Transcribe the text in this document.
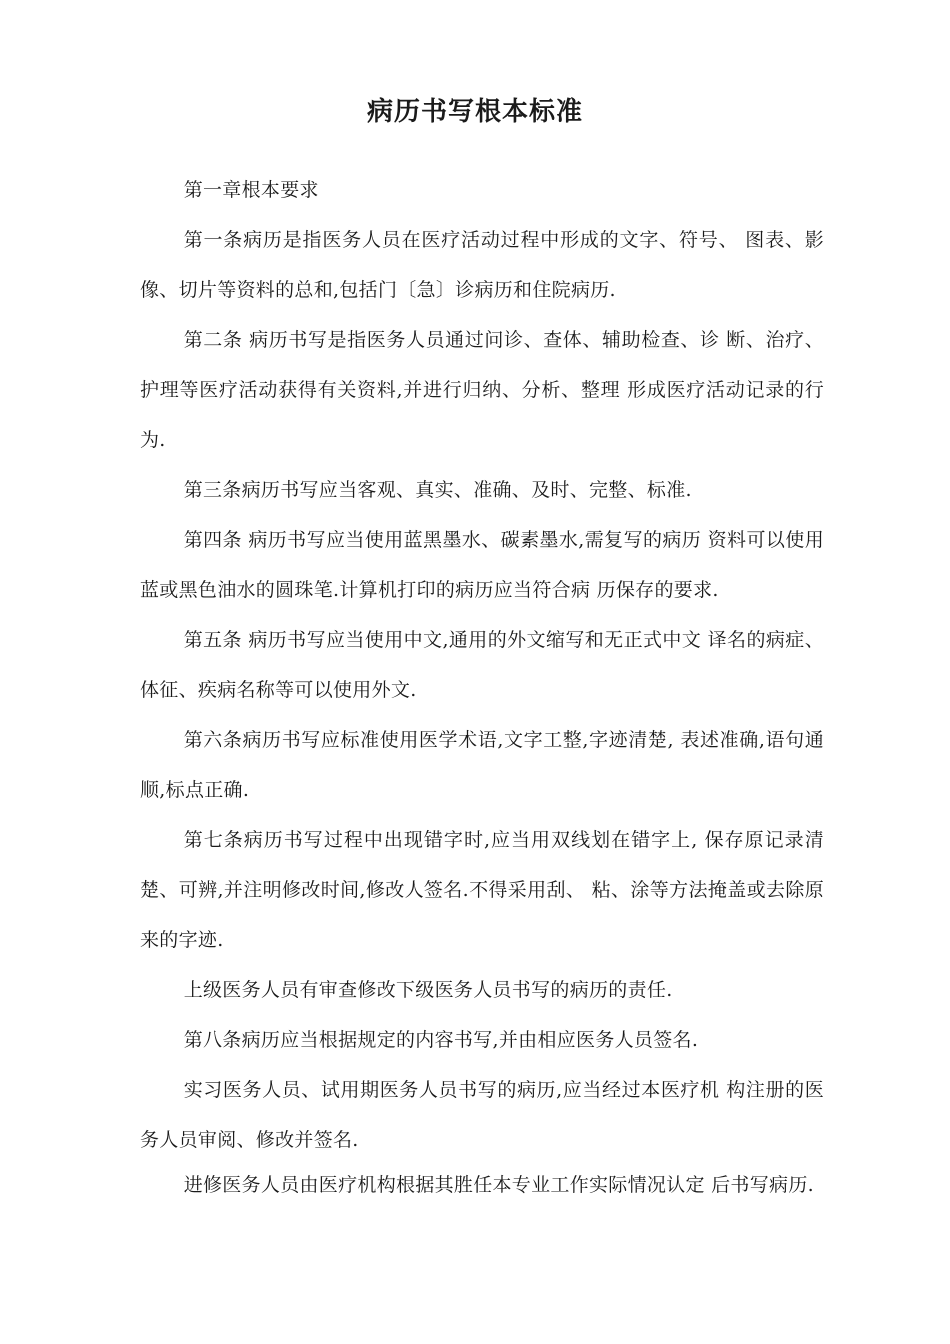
病历书写根本标准

第一章根本要求

第一条病历是指医务人员在医疗活动过程中形成的文字、符号、 图表、影像、切片等资料的总和,包括门〔急〕诊病历和住院病历.

第二条 病历书写是指医务人员通过问诊、查体、辅助检查、诊 断、治疗、护理等医疗活动获得有关资料,并进行归纳、分析、整理 形成医疗活动记录的行为.

第三条病历书写应当客观、真实、准确、及时、完整、标准.

第四条 病历书写应当使用蓝黑墨水、碳素墨水,需复写的病历 资料可以使用蓝或黑色油水的圆珠笔.计算机打印的病历应当符合病 历保存的要求.

第五条 病历书写应当使用中文,通用的外文缩写和无正式中文 译名的病症、体征、疾病名称等可以使用外文.

第六条病历书写应标准使用医学术语,文字工整,字迹清楚, 表述准确,语句通顺,标点正确.

第七条病历书写过程中出现错字时,应当用双线划在错字上, 保存原记录清楚、可辨,并注明修改时间,修改人签名.不得采用刮、 粘、涂等方法掩盖或去除原来的字迹.

上级医务人员有审查修改下级医务人员书写的病历的责任.

第八条病历应当根据规定的内容书写,并由相应医务人员签名.

实习医务人员、试用期医务人员书写的病历,应当经过本医疗机 构注册的医务人员审阅、修改并签名.

进修医务人员由医疗机构根据其胜任本专业工作实际情况认定 后书写病历.
